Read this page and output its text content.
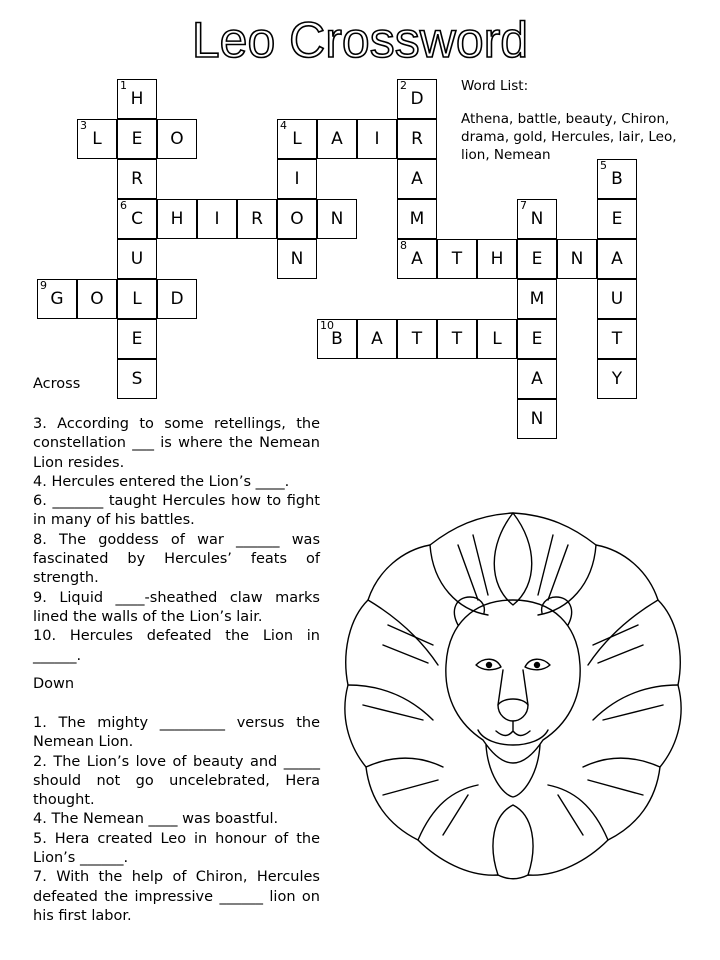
Leo Crossword
1
H
E
R
6
C
U
L
E
S
3
L	O
H	I	R	O	N
4
L
I
N
A	I	R
2
D
A
M
8
A	T	H	E	N	A
7
N
M
E
A
N
5
B
E
U
T
Y
9
G	O	D
10
B	A	T	T	L
Word List:
Athena, battle, beauty, Chiron, drama, gold, Hercules, lair, Leo, lion, Nemean
Across
3. According to some retellings, the constellation ___ is where the Nemean Lion resides.
4. Hercules entered the Lion’s ____.
6. _______ taught Hercules how to fight in many of his battles.
8. The goddess of war ______ was fascinated by Hercules’ feats of strength.
9. Liquid ____-sheathed claw marks lined the walls of the Lion’s lair.
10. Hercules defeated the Lion in ______.
Down
1. The mighty _________ versus the Nemean Lion.
2. The Lion’s love of beauty and _____ should not go uncelebrated, Hera thought.
4. The Nemean ____ was boastful.
5. Hera created Leo in honour of the Lion’s ______.
7. With the help of Chiron, Hercules defeated the impressive ______ lion on his first labor.
